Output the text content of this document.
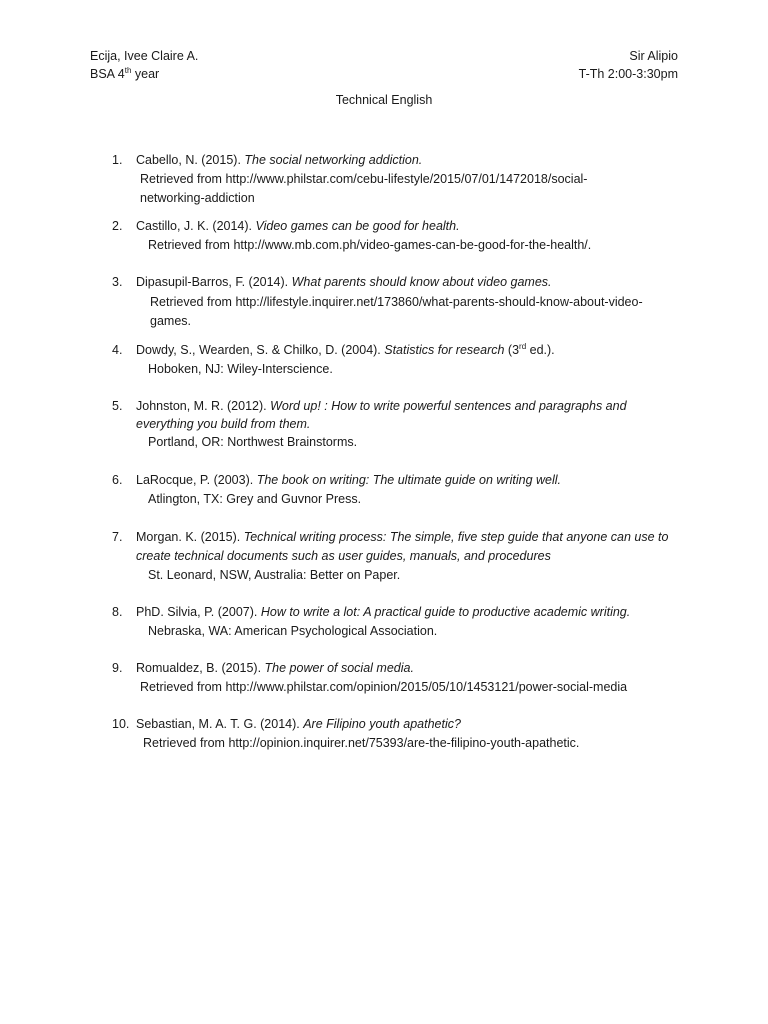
Ecija, Ivee Claire A.
BSA 4th year
Sir Alipio
T-Th 2:00-3:30pm
Technical English
1. Cabello, N. (2015). The social networking addiction.
Retrieved from http://www.philstar.com/cebu-lifestyle/2015/07/01/1472018/social-
networking-addiction
2. Castillo, J. K. (2014). Video games can be good for health.
Retrieved from http://www.mb.com.ph/video-games-can-be-good-for-the-health/.
3. Dipasupil-Barros, F. (2014). What parents should know about video games.
Retrieved from http://lifestyle.inquirer.net/173860/what-parents-should-know-about-video-
games.
4. Dowdy, S., Wearden, S. & Chilko, D. (2004). Statistics for research (3rd ed.).
Hoboken, NJ: Wiley-Interscience.
5. Johnston, M. R. (2012). Word up! : How to write powerful sentences and paragraphs and
everything you build from them.
Portland, OR: Northwest Brainstorms.
6. LaRocque, P. (2003). The book on writing: The ultimate guide on writing well.
Atlington, TX: Grey and Guvnor Press.
7. Morgan. K. (2015). Technical writing process: The simple, five step guide that anyone can use to
create technical documents such as user guides, manuals, and procedures
St. Leonard, NSW, Australia: Better on Paper.
8. PhD. Silvia, P. (2007). How to write a lot: A practical guide to productive academic writing.
Nebraska, WA: American Psychological Association.
9. Romualdez, B. (2015). The power of social media.
Retrieved from http://www.philstar.com/opinion/2015/05/10/1453121/power-social-media
10. Sebastian, M. A. T. G. (2014). Are Filipino youth apathetic?
Retrieved from http://opinion.inquirer.net/75393/are-the-filipino-youth-apathetic.
